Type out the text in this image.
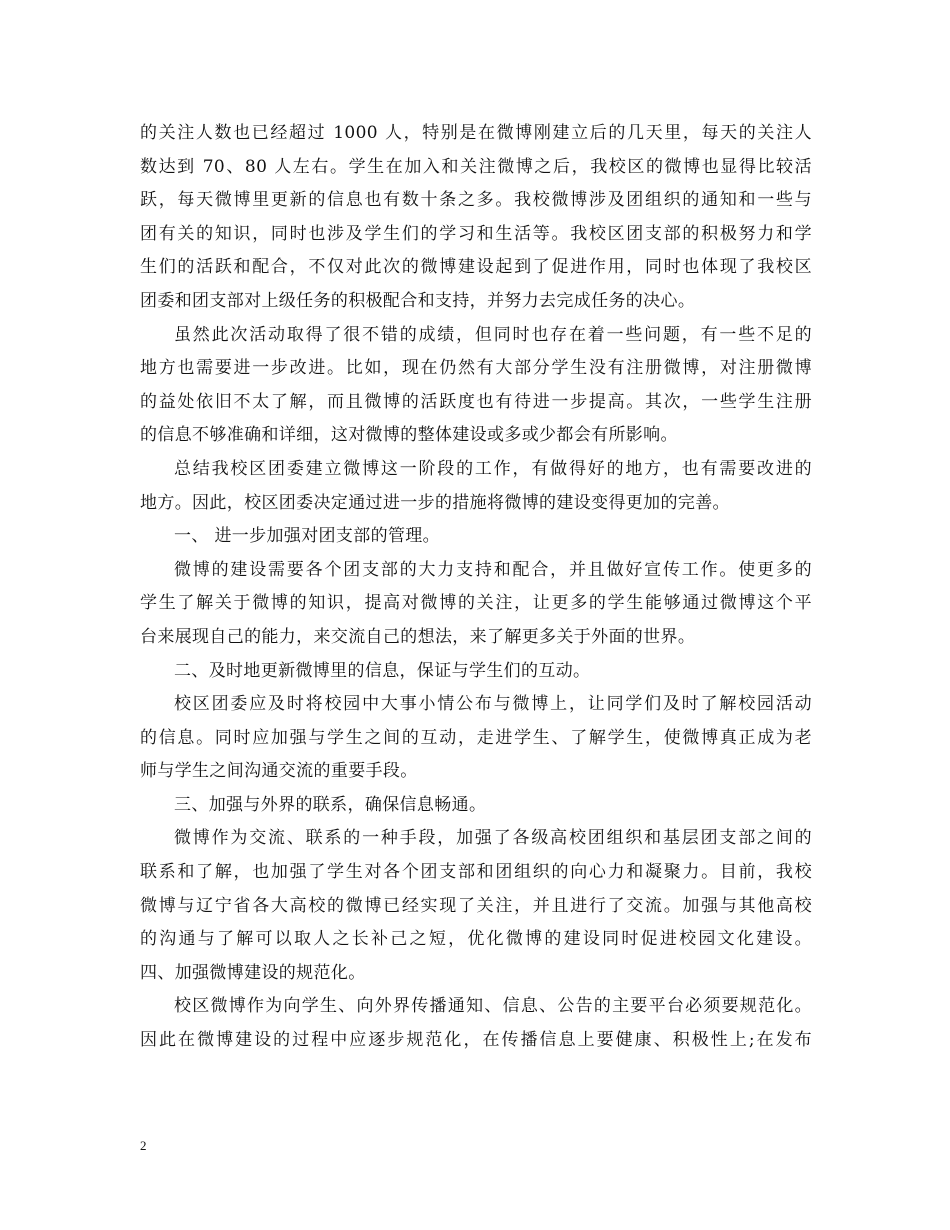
的关注人数也已经超过 1000 人，特别是在微博刚建立后的几天里，每天的关注人
数达到 70、80 人左右。学生在加入和关注微博之后，我校区的微博也显得比较活
跃，每天微博里更新的信息也有数十条之多。我校微博涉及团组织的通知和一些与
团有关的知识，同时也涉及学生们的学习和生活等。我校区团支部的积极努力和学
生们的活跃和配合，不仅对此次的微博建设起到了促进作用，同时也体现了我校区
团委和团支部对上级任务的积极配合和支持，并努力去完成任务的决心。
虽然此次活动取得了很不错的成绩，但同时也存在着一些问题，有一些不足的
地方也需要进一步改进。比如，现在仍然有大部分学生没有注册微博，对注册微博
的益处依旧不太了解，而且微博的活跃度也有待进一步提高。其次，一些学生注册
的信息不够准确和详细，这对微博的整体建设或多或少都会有所影响。
总结我校区团委建立微博这一阶段的工作，有做得好的地方，也有需要改进的
地方。因此，校区团委决定通过进一步的措施将微博的建设变得更加的完善。
一、 进一步加强对团支部的管理。
微博的建设需要各个团支部的大力支持和配合，并且做好宣传工作。使更多的
学生了解关于微博的知识，提高对微博的关注，让更多的学生能够通过微博这个平
台来展现自己的能力，来交流自己的想法，来了解更多关于外面的世界。
二、及时地更新微博里的信息，保证与学生们的互动。
校区团委应及时将校园中大事小情公布与微博上，让同学们及时了解校园活动
的信息。同时应加强与学生之间的互动，走进学生、了解学生，使微博真正成为老
师与学生之间沟通交流的重要手段。
三、加强与外界的联系，确保信息畅通。
微博作为交流、联系的一种手段，加强了各级高校团组织和基层团支部之间的
联系和了解，也加强了学生对各个团支部和团组织的向心力和凝聚力。目前，我校
微博与辽宁省各大高校的微博已经实现了关注，并且进行了交流。加强与其他高校
的沟通与了解可以取人之长补己之短，优化微博的建设同时促进校园文化建设。
四、加强微博建设的规范化。
校区微博作为向学生、向外界传播通知、信息、公告的主要平台必须要规范化。
因此在微博建设的过程中应逐步规范化，在传播信息上要健康、积极性上;在发布
2
